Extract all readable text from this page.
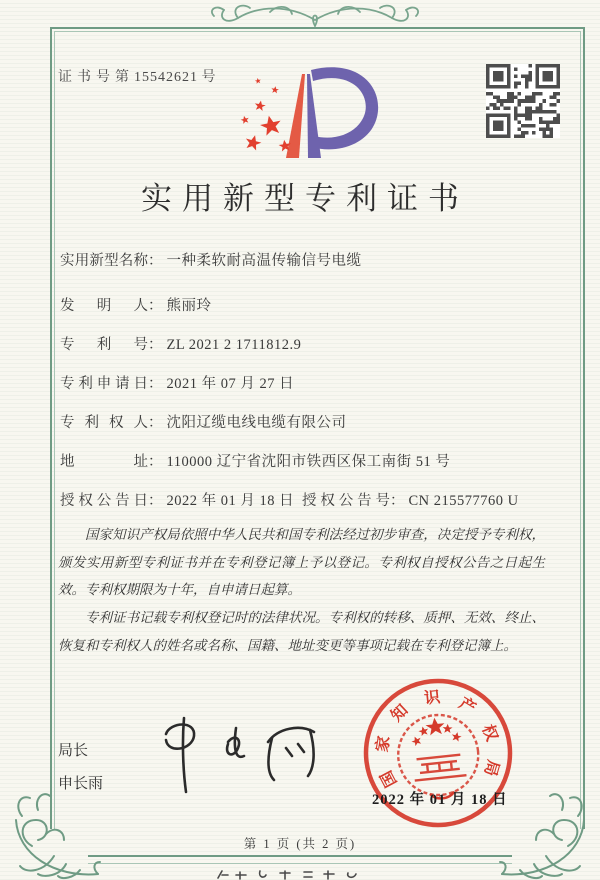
证书号第15542621 号
实用新型专利证书
实用新型名称： 一种柔软耐高温传输信号电缆
发明人： 熊丽玲
专利号： ZL 2021 2 1711812.9
专利申请日： 2021 年 07 月 27 日
专利权人： 沈阳辽缆电线电缆有限公司
地址： 110000 辽宁省沈阳市铁西区保工南街 51 号
授权公告日： 2022 年 01 月 18 日 授权公告号： CN 215577760 U

国家知识产权局依照中华人民共和国专利法经过初步审查，决定授予专利权，颁发实用新型专利证书并在专利登记簿上予以登记。专利权自授权公告之日起生效。专利权期限为十年，自申请日起算。

专利证书记载专利权登记时的法律状况。专利权的转移、质押、无效、终止、恢复和专利权人的姓名或名称、国籍、地址变更等事项记载在专利登记簿上。

局长
申长雨	国
家
知
识 产
权
局
2022 年 01 月 18 日
第 1 页 (共 2 页)
